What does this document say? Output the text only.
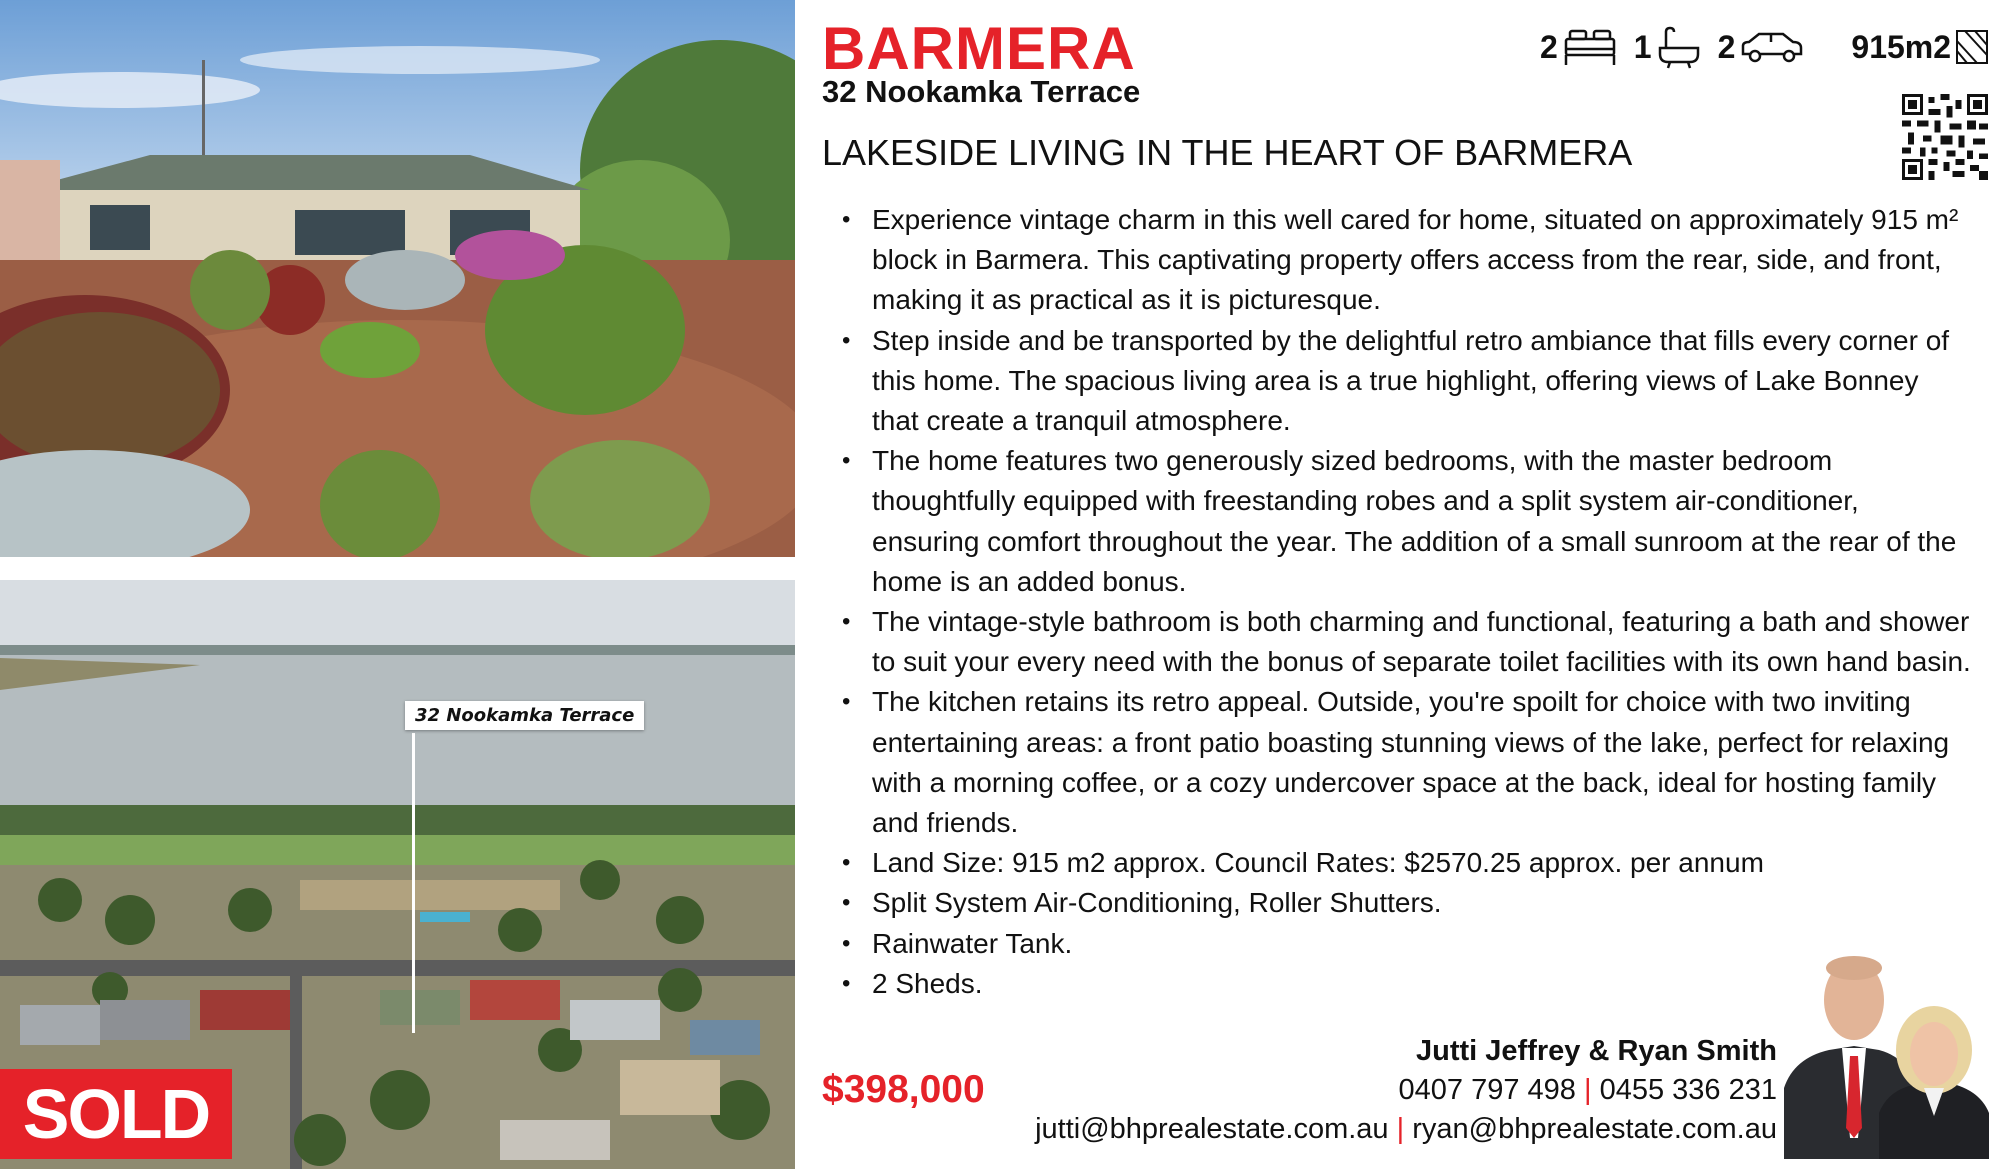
32 Nookamka Terrace
SOLD
BARMERA
32 Nookamka Terrace
2 1 2	915m2
LAKESIDE LIVING IN THE HEART OF BARMERA
• Experience vintage charm in this well cared for home, situated on approximately 915 m² block in Barmera. This captivating property offers access from the rear, side, and front, making it as practical as it is picturesque.
• Step inside and be transported by the delightful retro ambiance that fills every corner of this home. The spacious living area is a true highlight, offering views of Lake Bonney that create a tranquil atmosphere.
• The home features two generously sized bedrooms, with the master bedroom thoughtfully equipped with freestanding robes and a split system air-conditioner, ensuring comfort throughout the year. The addition of a small sunroom at the rear of the home is an added bonus.
• The vintage-style bathroom is both charming and functional, featuring a bath and shower to suit your every need with the bonus of separate toilet facilities with its own hand basin.
• The kitchen retains its retro appeal. Outside, you're spoilt for choice with two inviting entertaining areas: a front patio boasting stunning views of the lake, perfect for relaxing with a morning coffee, or a cozy undercover space at the back, ideal for hosting family and friends.
• Land Size: 915 m2 approx. Council Rates: $2570.25 approx. per annum
• Split System Air-Conditioning, Roller Shutters.
• Rainwater Tank.
• 2 Sheds.
$398,000
Jutti Jeffrey & Ryan Smith
0407 797 498 | 0455 336 231
jutti@bhprealestate.com.au | ryan@bhprealestate.com.au
